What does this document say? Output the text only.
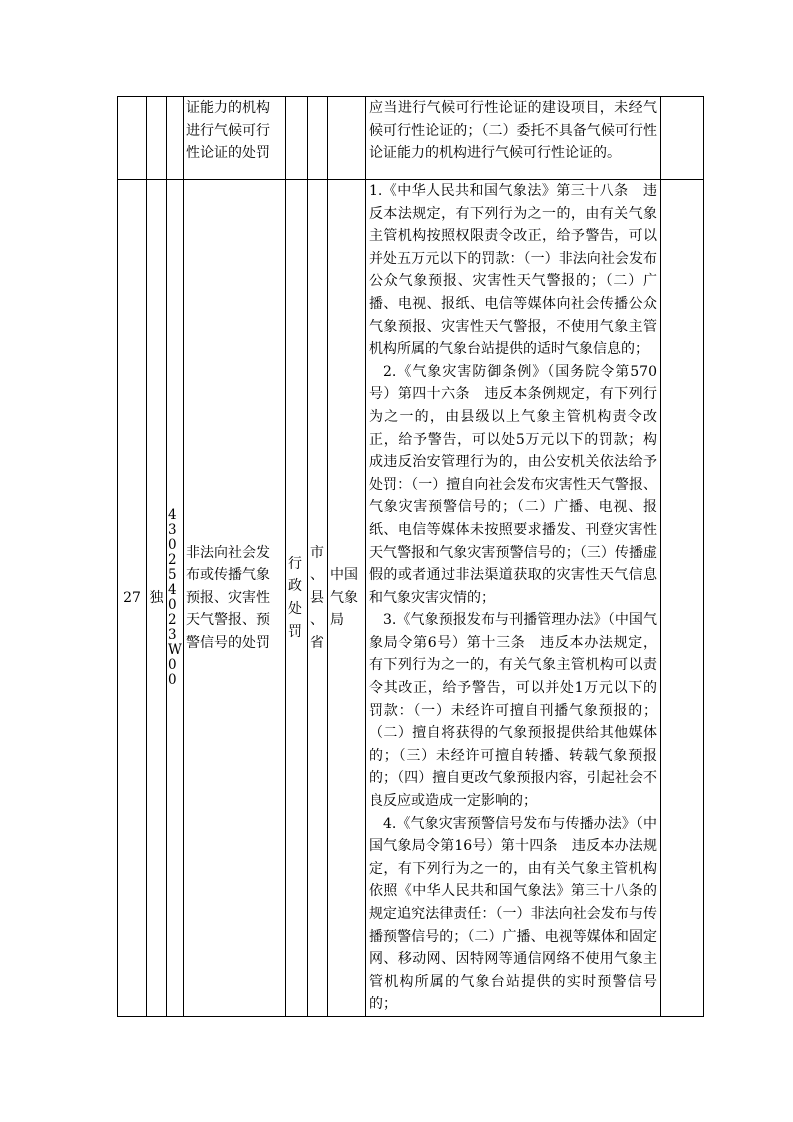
			证能力的机构进行气候可行性论证的处罚				应当进行气候可行性论证的建设项目，未经气候可行性论证的；（二）委托不具备气候可行性论证能力的机构进行气候可行性论证的。	

27	独	430254023W00	非法向社会发布或传播气象预报、灾害性天气警报、预警信号的处罚	行政处罚	市、县、省	中国气象局	1.《中华人民共和国气象法》第三十八条　违反本法规定，有下列行为之一的，由有关气象主管机构按照权限责令改正，给予警告，可以并处五万元以下的罚款：（一）非法向社会发布公众气象预报、灾害性天气警报的；（二）广播、电视、报纸、电信等媒体向社会传播公众气象预报、灾害性天气警报，不使用气象主管机构所属的气象台站提供的适时气象信息的；
2.《气象灾害防御条例》（国务院令第570号）第四十六条　违反本条例规定，有下列行为之一的，由县级以上气象主管机构责令改正，给予警告，可以处5万元以下的罚款；构成违反治安管理行为的，由公安机关依法给予处罚：（一）擅自向社会发布灾害性天气警报、气象灾害预警信号的；（二）广播、电视、报纸、电信等媒体未按照要求播发、刊登灾害性天气警报和气象灾害预警信号的；（三）传播虚假的或者通过非法渠道获取的灾害性天气信息和气象灾害灾情的；
3.《气象预报发布与刊播管理办法》（中国气象局令第6号）第十三条　违反本办法规定，有下列行为之一的，有关气象主管机构可以责令其改正，给予警告，可以并处1万元以下的罚款：（一）未经许可擅自刊播气象预报的；（二）擅自将获得的气象预报提供给其他媒体的；（三）未经许可擅自转播、转载气象预报的；（四）擅自更改气象预报内容，引起社会不良反应或造成一定影响的；
4.《气象灾害预警信号发布与传播办法》（中国气象局令第16号）第十四条　违反本办法规定，有下列行为之一的，由有关气象主管机构依照《中华人民共和国气象法》第三十八条的规定追究法律责任：（一）非法向社会发布与传播预警信号的；（二）广播、电视等媒体和固定网、移动网、因特网等通信网络不使用气象主管机构所属的气象台站提供的实时预警信号的；	
